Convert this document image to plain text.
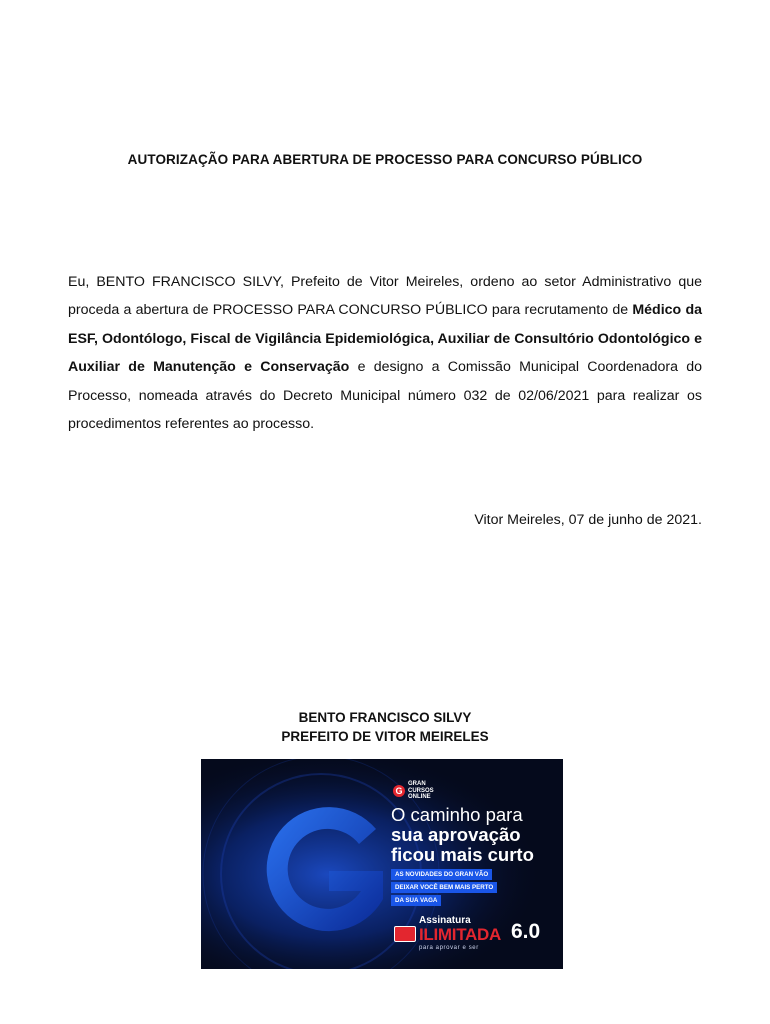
AUTORIZAÇÃO PARA ABERTURA DE PROCESSO PARA CONCURSO PÚBLICO

Eu, BENTO FRANCISCO SILVY, Prefeito de Vitor Meireles, ordeno ao setor Administrativo que proceda a abertura de PROCESSO PARA CONCURSO PÚBLICO para recrutamento de Médico da ESF, Odontólogo, Fiscal de Vigilância Epidemiológica, Auxiliar de Consultório Odontológico e Auxiliar de Manutenção e Conservação e designo a Comissão Municipal Coordenadora do Processo, nomeada através do Decreto Municipal número 032 de 02/06/2021 para realizar os procedimentos referentes ao processo.

Vitor Meireles, 07 de junho de 2021.
BENTO FRANCISCO SILVY
PREFEITO DE VITOR MEIRELES
G
GRAN CURSOS ONLINE
O caminho para
sua aprovação
ficou mais curto
AS NOVIDADES DO GRAN VÃO
DEIXAR VOCÊ BEM MAIS PERTO
DA SUA VAGA
Assinatura
ILIMITADA 6.0
para aprovar e ser
